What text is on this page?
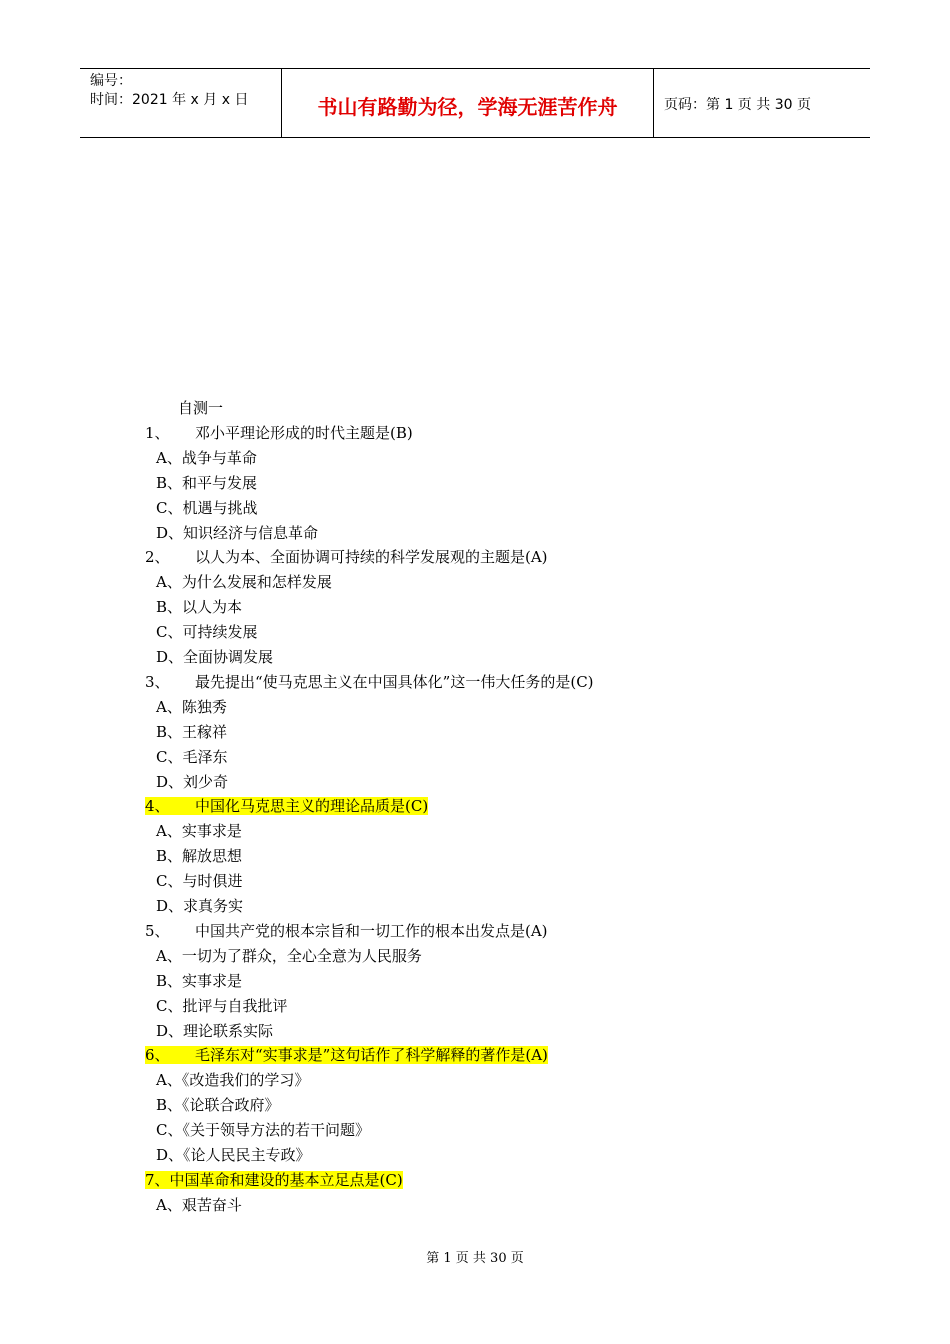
编号：
时间：2021 年 x 月 x 日	书山有路勤为径，学海无涯苦作舟	页码：第 1 页 共 30 页
自测一
1、 邓小平理论形成的时代主题是(B)
A、战争与革命
B、和平与发展
C、机遇与挑战
D、知识经济与信息革命
2、 以人为本、全面协调可持续的科学发展观的主题是(A)
A、为什么发展和怎样发展
B、以人为本
C、可持续发展
D、全面协调发展
3、 最先提出“使马克思主义在中国具体化”这一伟大任务的是(C)
A、陈独秀
B、王稼祥
C、毛泽东
D、刘少奇
4、 中国化马克思主义的理论品质是(C)
A、实事求是
B、解放思想
C、与时俱进
D、求真务实
5、 中国共产党的根本宗旨和一切工作的根本出发点是(A)
A、一切为了群众，全心全意为人民服务
B、实事求是
C、批评与自我批评
D、理论联系实际
6、 毛泽东对“实事求是”这句话作了科学解释的著作是(A)
A、《改造我们的学习》
B、《论联合政府》
C、《关于领导方法的若干问题》
D、《论人民民主专政》
7、中国革命和建设的基本立足点是(C)
A、艰苦奋斗
第 1 页 共 30 页
